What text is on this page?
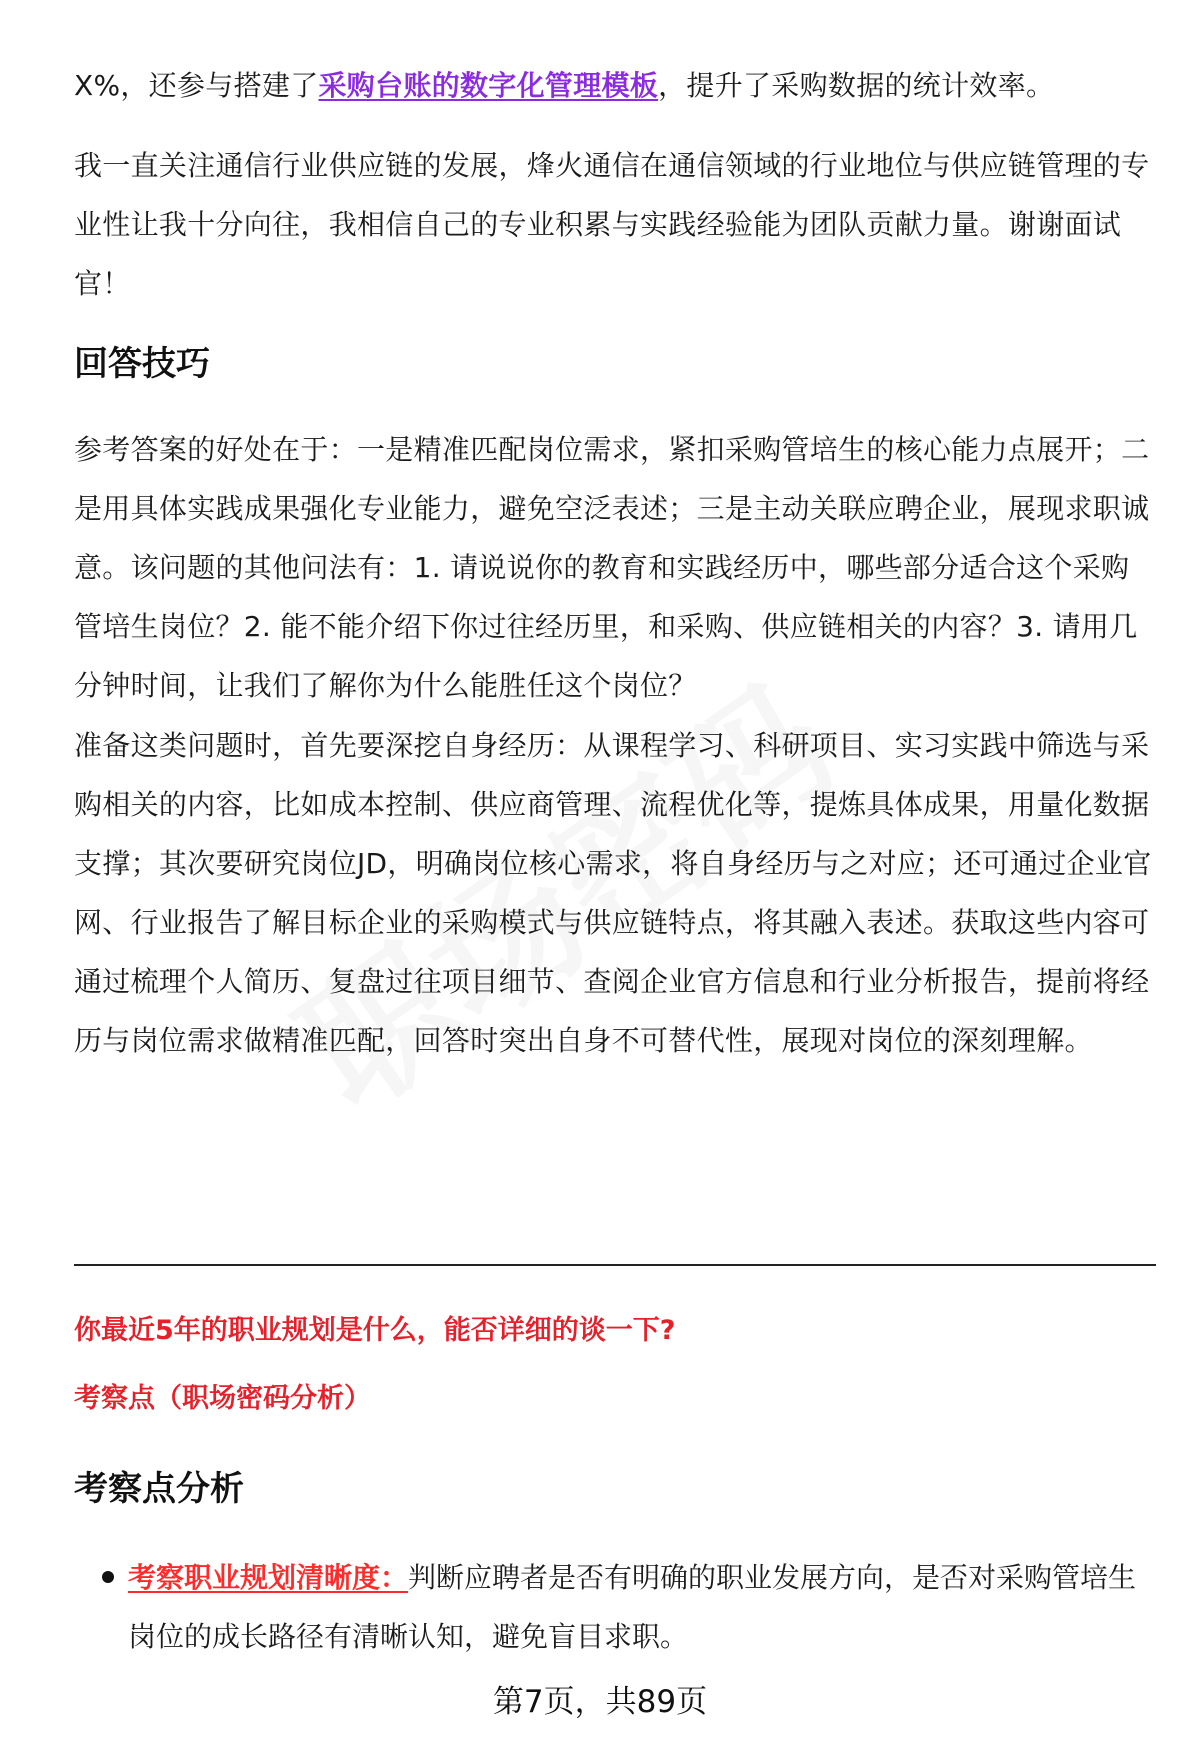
X%，还参与搭建了采购台账的数字化管理模板，提升了采购数据的统计效率。

我一直关注通信行业供应链的发展，烽火通信在通信领域的行业地位与供应链管理的专业性让我十分向往，我相信自己的专业积累与实践经验能为团队贡献力量。谢谢面试官！

回答技巧

参考答案的好处在于：一是精准匹配岗位需求，紧扣采购管培生的核心能力点展开；二是用具体实践成果强化专业能力，避免空泛表述；三是主动关联应聘企业，展现求职诚意。该问题的其他问法有：1. 请说说你的教育和实践经历中，哪些部分适合这个采购管培生岗位？2. 能不能介绍下你过往经历里，和采购、供应链相关的内容？3. 请用几分钟时间，让我们了解你为什么能胜任这个岗位？

准备这类问题时，首先要深挖自身经历：从课程学习、科研项目、实习实践中筛选与采购相关的内容，比如成本控制、供应商管理、流程优化等，提炼具体成果，用量化数据支撑；其次要研究岗位JD，明确岗位核心需求，将自身经历与之对应；还可通过企业官网、行业报告了解目标企业的采购模式与供应链特点，将其融入表述。获取这些内容可通过梳理个人简历、复盘过往项目细节、查阅企业官方信息和行业分析报告，提前将经历与岗位需求做精准匹配，回答时突出自身不可替代性，展现对岗位的深刻理解。

你最近5年的职业规划是什么，能否详细的谈一下?

考察点（职场密码分析）

考察点分析

考察职业规划清晰度：判断应聘者是否有明确的职业发展方向，是否对采购管培生岗位的成长路径有清晰认知，避免盲目求职。

第7页，共89页
